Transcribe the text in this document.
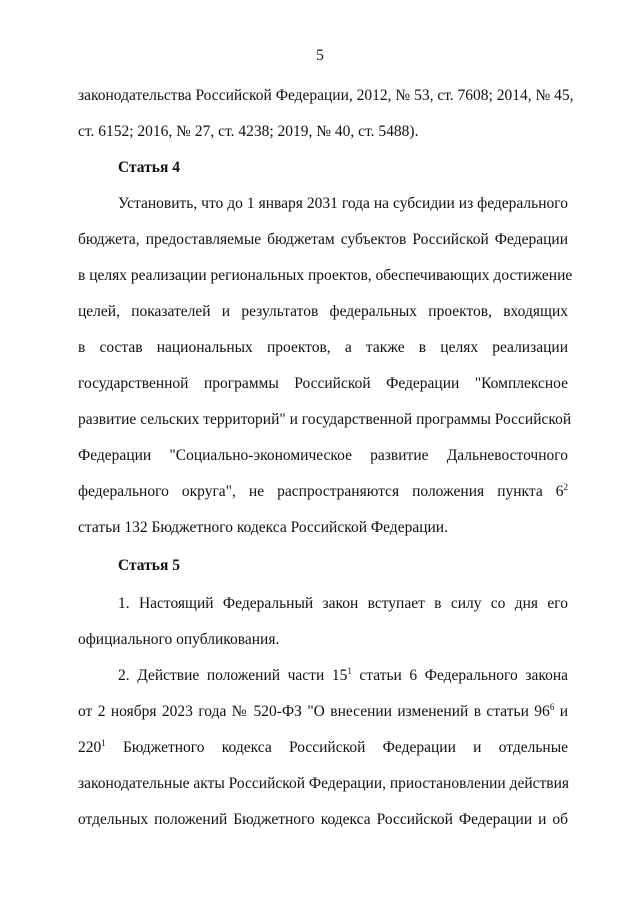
5
законодательства Российской Федерации, 2012, № 53, ст. 7608; 2014, № 45,
ст. 6152; 2016, № 27, ст. 4238; 2019, № 40, ст. 5488).
Статья 4
Установить, что до 1 января 2031 года на субсидии из федерального
бюджета, предоставляемые бюджетам субъектов Российской Федерации
в целях реализации региональных проектов, обеспечивающих достижение
целей, показателей и результатов федеральных проектов, входящих
в состав национальных проектов, а также в целях реализации
государственной программы Российской Федерации "Комплексное
развитие сельских территорий" и государственной программы Российской
Федерации "Социально-экономическое развитие Дальневосточного
федерального округа", не распространяются положения пункта $6^2$
статьи 132 Бюджетного кодекса Российской Федерации.
Статья 5
1. Настоящий Федеральный закон вступает в силу со дня его
официального опубликования.
2. Действие положений части $15^1$ статьи 6 Федерального закона
от 2 ноября 2023 года № 520-ФЗ "О внесении изменений в статьи $96^6$ и
$220^1$ Бюджетного кодекса Российской Федерации и отдельные
законодательные акты Российской Федерации, приостановлении действия
отдельных положений Бюджетного кодекса Российской Федерации и об
